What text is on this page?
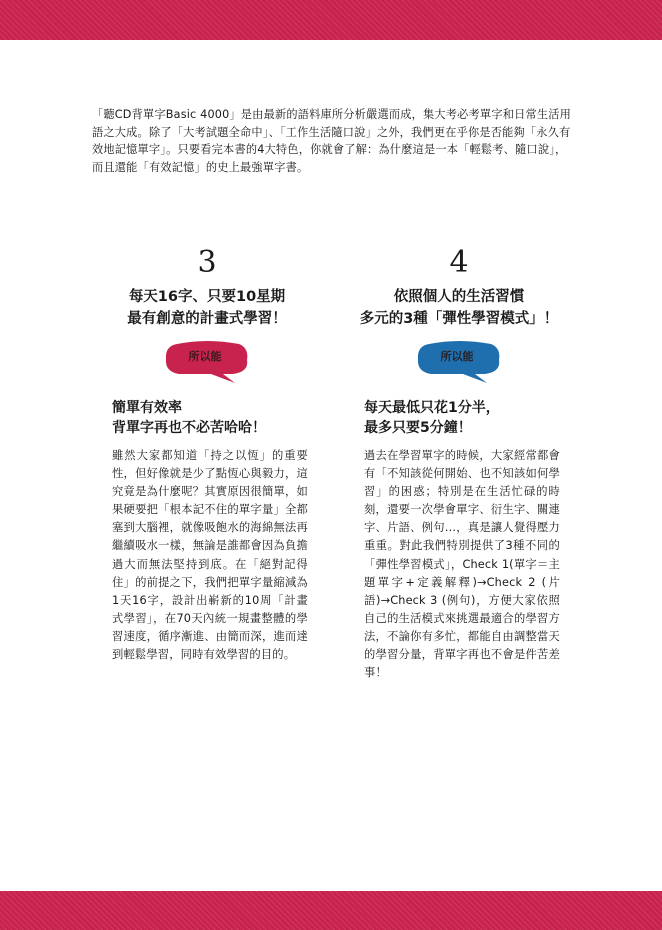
「聽CD背單字Basic 4000」是由最新的語料庫所分析嚴選而成，集大考必考單字和日常生活用語之大成。除了「大考試題全命中」、「工作生活隨口說」之外，我們更在乎你是否能夠「永久有效地記憶單字」。只要看完本書的4大特色，你就會了解：為什麼這是一本「輕鬆考、隨口說」，而且還能「有效記憶」的史上最強單字書。

3

每天16字、只要10星期

最有創意的計畫式學習！

所以能
簡單有效率
背單字再也不必苦哈哈！

雖然大家都知道「持之以恆」的重要性，但好像就是少了點恆心與毅力，這究竟是為什麼呢？其實原因很簡單，如果硬要把「根本記不住的單字量」全都塞到大腦裡，就像吸飽水的海綿無法再繼續吸水一樣，無論是誰都會因為負擔過大而無法堅持到底。在「絕對記得住」的前提之下，我們把單字量縮減為1天16字，設計出嶄新的10周「計畫式學習」，在70天內統一規畫整體的學習速度，循序漸進、由簡而深，進而達到輕鬆學習，同時有效學習的目的。

4

依照個人的生活習慣

多元的3種「彈性學習模式」！

所以能
每天最低只花1分半，
最多只要5分鐘！

過去在學習單字的時候，大家經常都會有「不知該從何開始、也不知該如何學習」的困惑；特別是在生活忙碌的時刻，還要一次學會單字、衍生字、關連字、片語、例句…，真是讓人覺得壓力重重。對此我們特別提供了3種不同的「彈性學習模式」，Check 1(單字＝主題單字+定義解釋)→Check 2 (片語)→Check 3 (例句)，方便大家依照自己的生活模式來挑選最適合的學習方法，不論你有多忙，都能自由調整當天的學習分量，背單字再也不會是件苦差事！
